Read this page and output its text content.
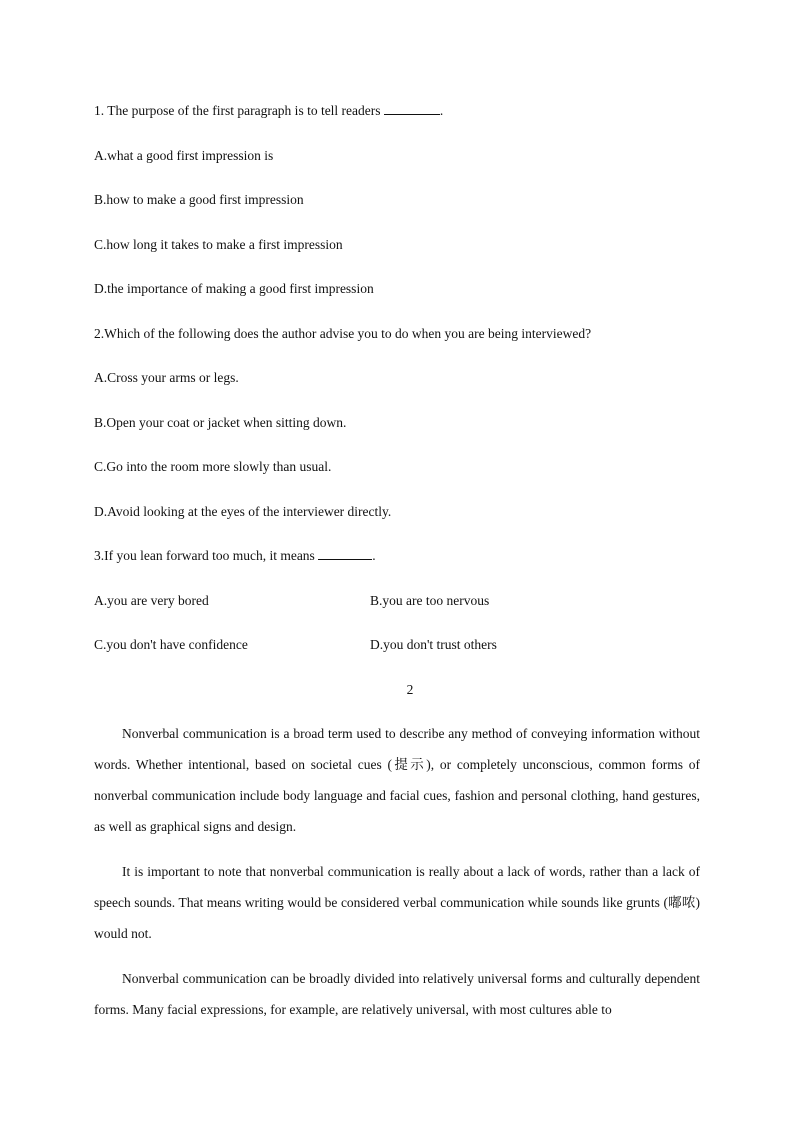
1. The purpose of the first paragraph is to tell readers	.
A.what a good first impression is
B.how to make a good first impression
C.how long it takes to make a first impression
D.the importance of making a good first impression
2.Which of the following does the author advise you to do when you are being interviewed?
A.Cross your arms or legs.
B.Open your coat or jacket when sitting down.
C.Go into the room more slowly than usual.
D.Avoid looking at the eyes of the interviewer directly.
3.If you lean forward too much, it means	.
A.you are very bored	B.you are too nervous
C.you don't have confidence	D.you don't trust others
2

Nonverbal communication is a broad term used to describe any method of conveying information without words. Whether intentional, based on societal cues (提示), or completely unconscious, common forms of nonverbal communication include body language and facial cues, fashion and personal clothing, hand gestures, as well as graphical signs and design.

It is important to note that nonverbal communication is really about a lack of words, rather than a lack of speech sounds. That means writing would be considered verbal communication while sounds like grunts (嘟哝) would not.

Nonverbal communication can be broadly divided into relatively universal forms and culturally dependent forms. Many facial expressions, for example, are relatively universal, with most cultures able to
